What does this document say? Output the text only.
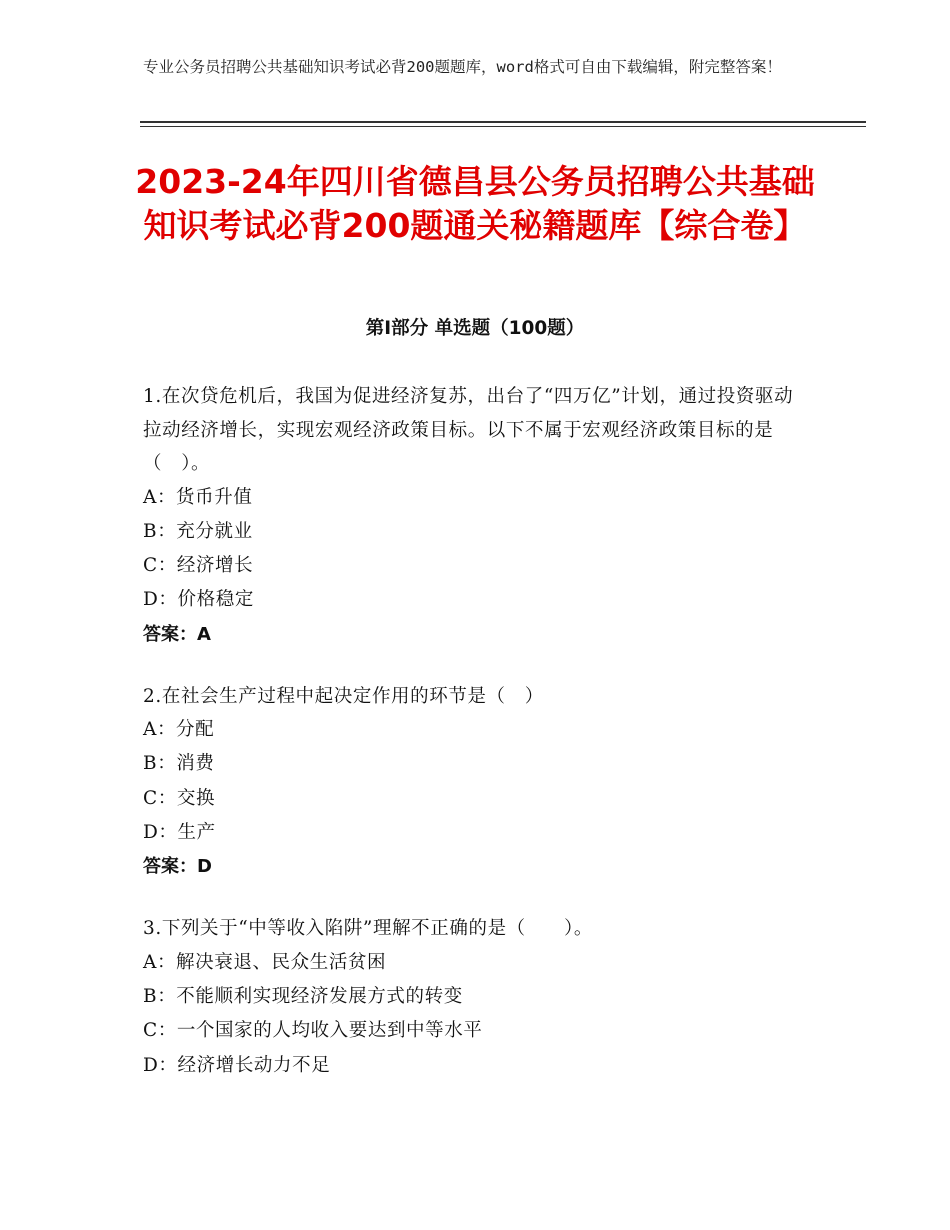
专业公务员招聘公共基础知识考试必背200题题库，word格式可自由下载编辑，附完整答案！
2023-24年四川省德昌县公务员招聘公共基础知识考试必背200题通关秘籍题库【综合卷】
第Ⅰ部分 单选题（100题）
1.在次贷危机后，我国为促进经济复苏，出台了“四万亿”计划，通过投资驱动拉动经济增长，实现宏观经济政策目标。以下不属于宏观经济政策目标的是（　）。
A：货币升值
B：充分就业
C：经济增长
D：价格稳定
答案：A
2.在社会生产过程中起决定作用的环节是（　）
A：分配
B：消费
C：交换
D：生产
答案：D
3.下列关于“中等收入陷阱”理解不正确的是（　　）。
A：解决衰退、民众生活贫困
B：不能顺利实现经济发展方式的转变
C：一个国家的人均收入要达到中等水平
D：经济增长动力不足
